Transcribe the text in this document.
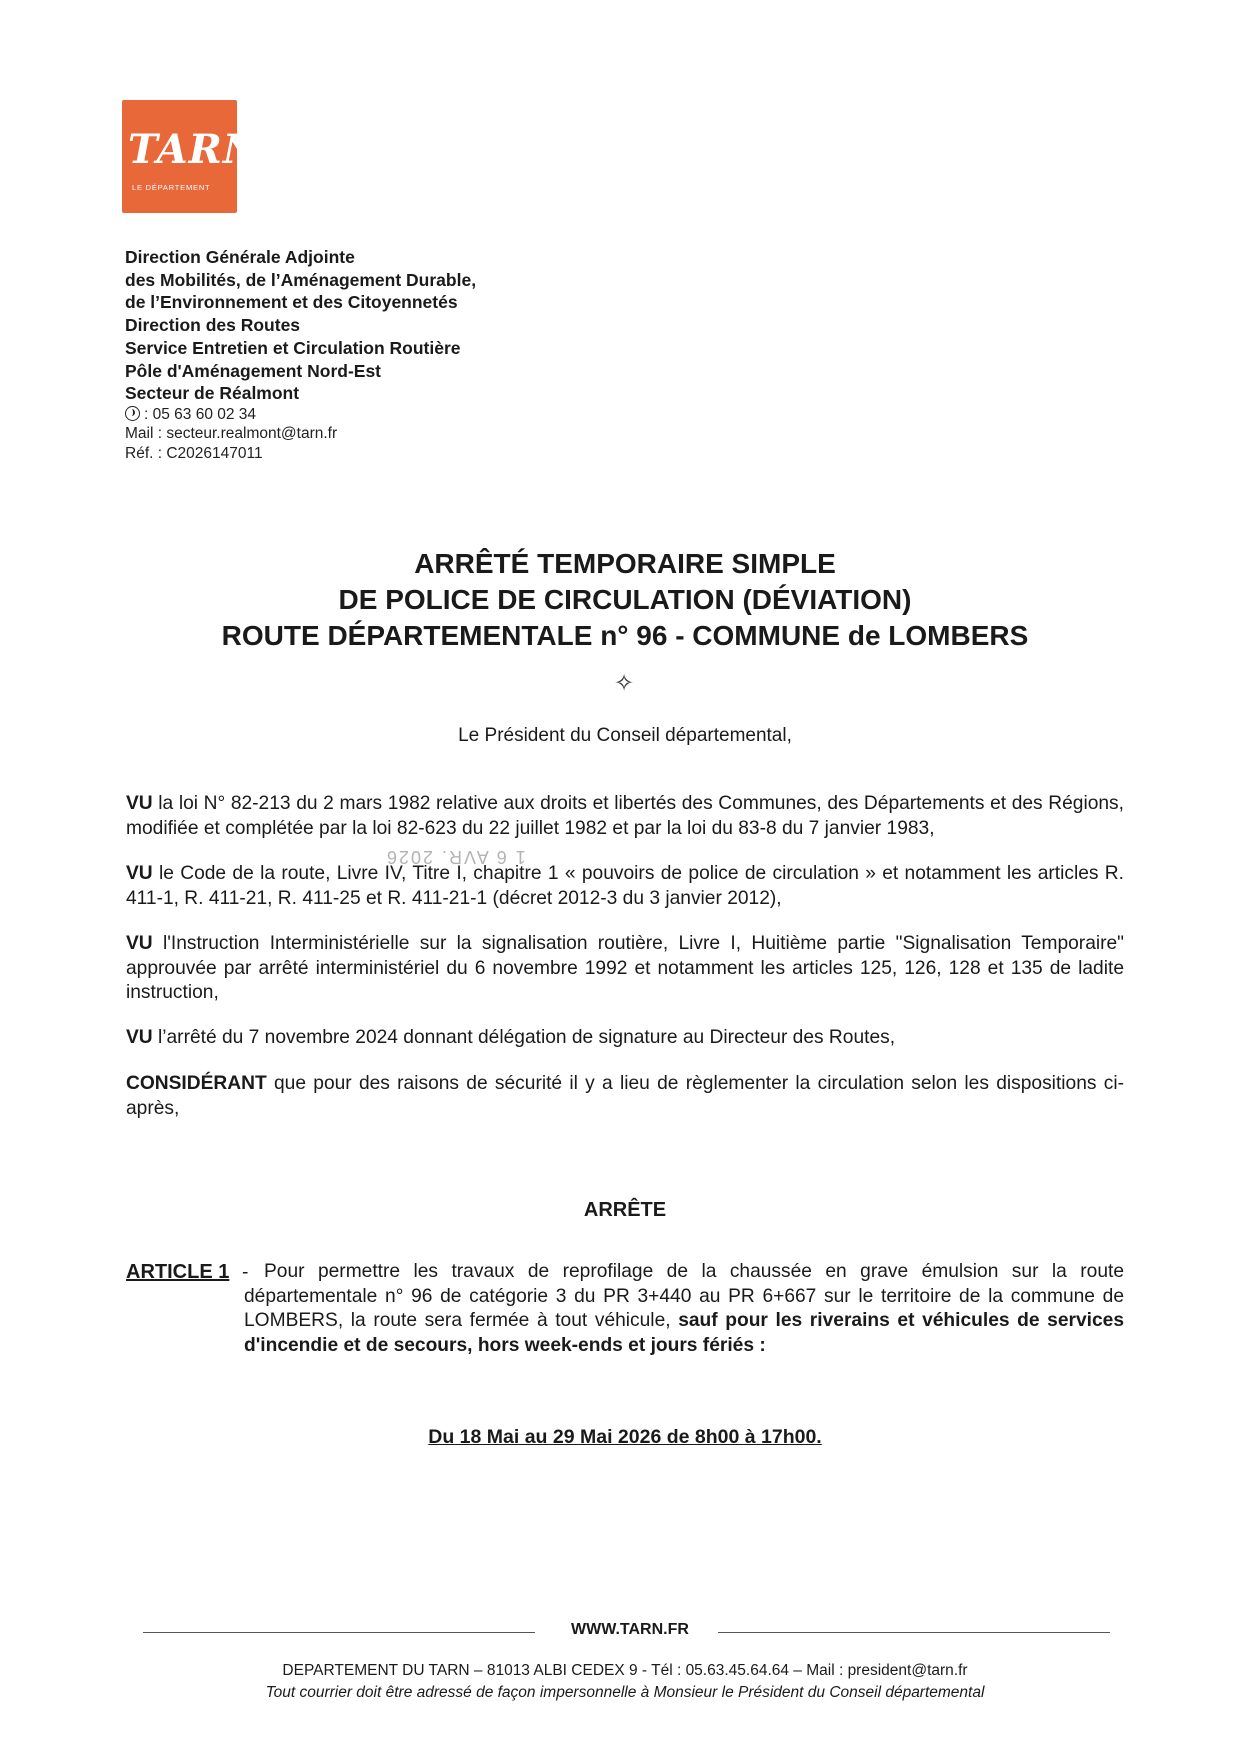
TARN
LE DÉPARTEMENT
Direction Générale Adjointe
des Mobilités, de l’Aménagement Durable,
de l’Environnement et des Citoyennetés
Direction des Routes
Service Entretien et Circulation Routière
Pôle d'Aménagement Nord-Est
Secteur de Réalmont
: 05 63 60 02 34
Mail : secteur.realmont@tarn.fr
Réf. : C2026147011
ARRÊTÉ TEMPORAIRE SIMPLE
DE POLICE DE CIRCULATION (DÉVIATION)
ROUTE DÉPARTEMENTALE n° 96 - COMMUNE de LOMBERS
✧
Le Président du Conseil départemental,
1 6 AVR. 2026
VU la loi N° 82-213 du 2 mars 1982 relative aux droits et libertés des Communes, des Départements et des Régions, modifiée et complétée par la loi 82-623 du 22 juillet 1982 et par la loi du 83-8 du 7 janvier 1983,
VU le Code de la route, Livre IV, Titre I, chapitre 1 « pouvoirs de police de circulation » et notamment les articles R. 411-1, R. 411-21, R. 411-25 et R. 411-21-1 (décret 2012-3 du 3 janvier 2012),
VU l'Instruction Interministérielle sur la signalisation routière, Livre I, Huitième partie "Signalisation Temporaire" approuvée par arrêté interministériel du 6 novembre 1992 et notamment les articles 125, 126, 128 et 135 de ladite instruction,
VU l’arrêté du 7 novembre 2024 donnant délégation de signature au Directeur des Routes,
CONSIDÉRANT que pour des raisons de sécurité il y a lieu de règlementer la circulation selon les dispositions ci-après,
ARRÊTE
ARTICLE 1 - Pour permettre les travaux de reprofilage de la chaussée en grave émulsion sur la route départementale n° 96 de catégorie 3 du PR 3+440 au PR 6+667 sur le territoire de la commune de LOMBERS, la route sera fermée à tout véhicule, sauf pour les riverains et véhicules de services d'incendie et de secours, hors week-ends et jours fériés :
Du 18 Mai au 29 Mai 2026 de 8h00 à 17h00.
WWW.TARN.FR
DEPARTEMENT DU TARN – 81013 ALBI CEDEX 9 - Tél : 05.63.45.64.64 – Mail : president@tarn.fr
Tout courrier doit être adressé de façon impersonnelle à Monsieur le Président du Conseil départemental
